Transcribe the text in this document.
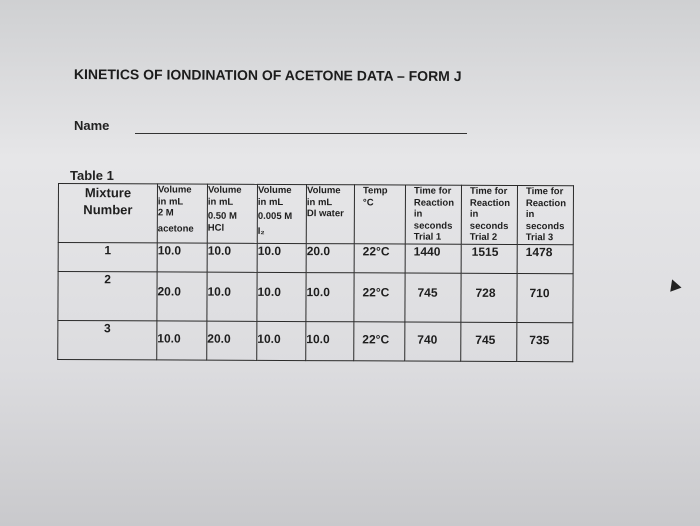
KINETICS OF IONDINATION OF ACETONE DATA – FORM J
Name
Table 1
Mixture
Number	Volume
in mL
2 M
acetone	Volume
in mL
0.50 M
HCl	Volume
in mL
0.005 M
I₂	Volume
in mL
DI water	Temp
°C	Time for
Reaction
in
seconds
Trial 1	Time for
Reaction
in
seconds
Trial 2	Time for
Reaction
in
seconds
Trial 3

1	10.0	10.0	10.0	20.0	22°C	1440	1515	1478
2	20.0	10.0	10.0	10.0	22°C	745	728	710
3	10.0	20.0	10.0	10.0	22°C	740	745	735
